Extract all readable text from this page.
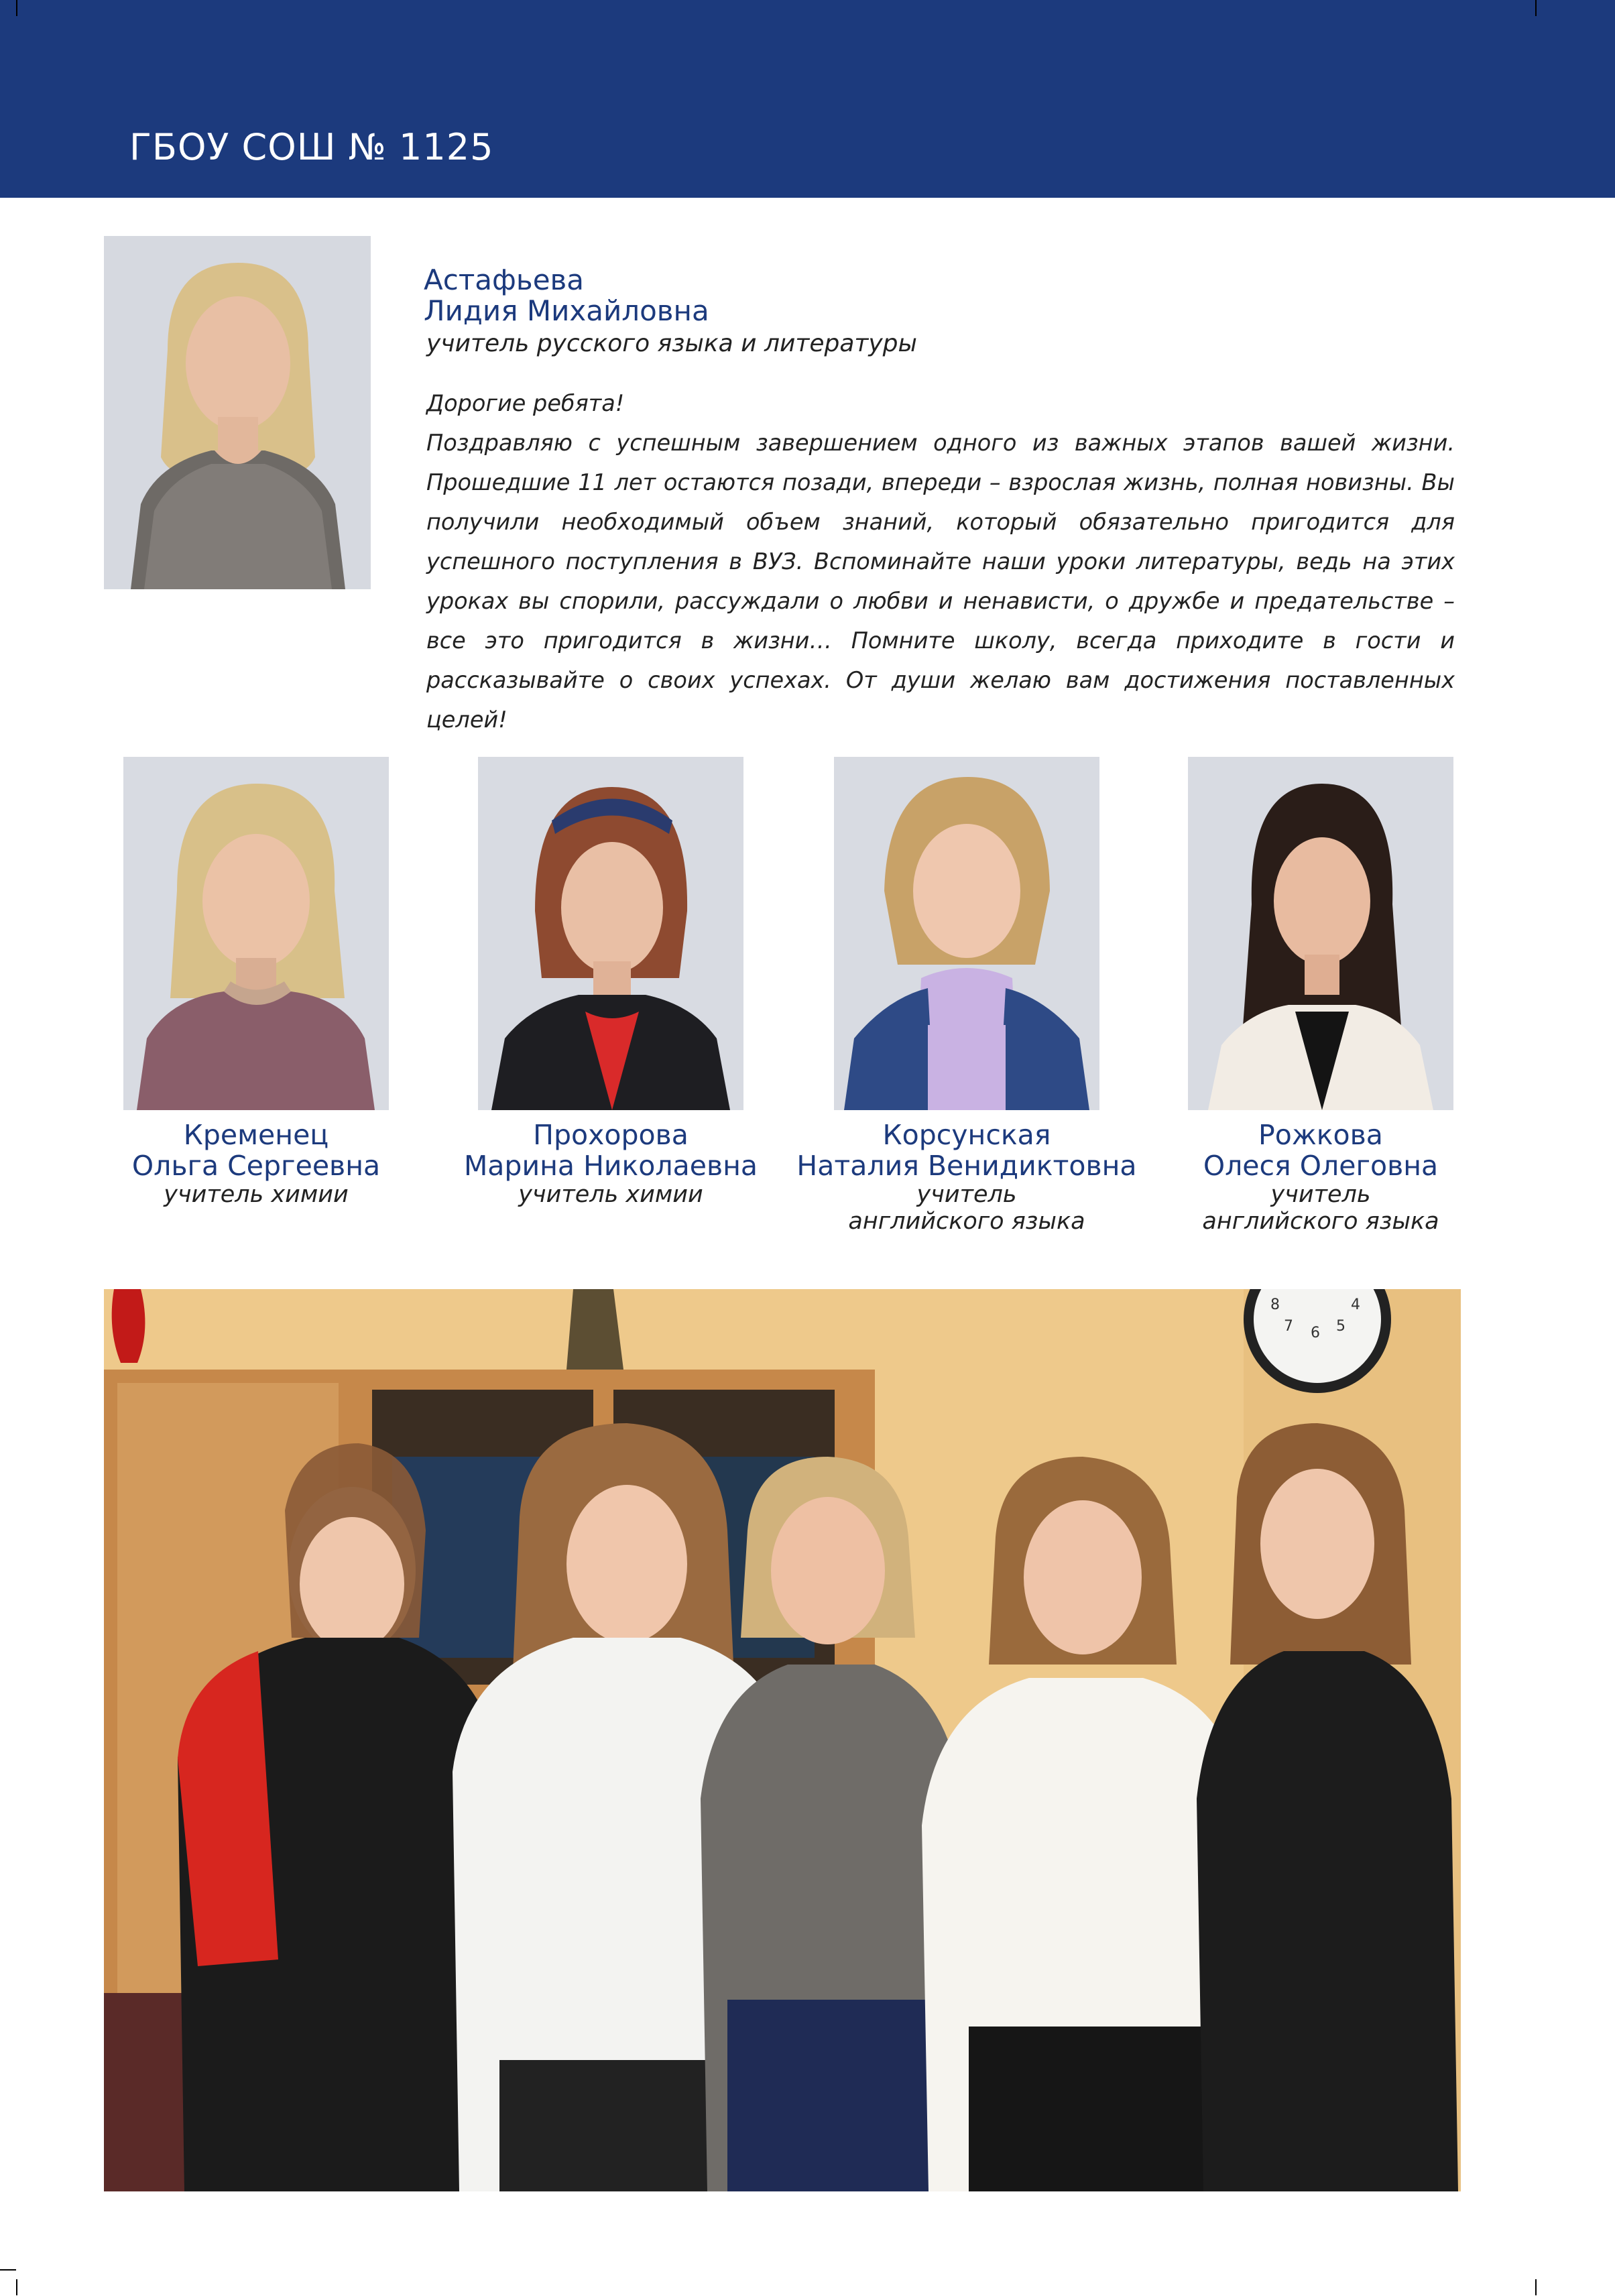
ГБОУ СОШ № 1125
Астафьева
Лидия Михайловна
учитель русского языка и литературы

Дорогие ребята!

Поздравляю с успешным завершением одного из важных этапов вашей жизни. Прошедшие 11 лет остаются позади, впереди – взрослая жизнь, полная новизны. Вы получили необходимый объем знаний, который обязательно пригодится для успешного поступления в ВУЗ. Вспоминайте наши уроки литературы, ведь на этих уроках вы спорили, рассуждали о любви и ненависти, о дружбе и предательстве – все это пригодится в жизни… Помните школу, всегда приходите в гости и рассказывайте о своих успехах. От души желаю вам достижения поставленных целей!

Кременец
Ольга Сергеевна
учитель химии
Прохорова
Марина Николаевна
учитель химии
Корсунская
Наталия Венидиктовна
учитель
английского языка
Рожкова
Олеся Олеговна
учитель
английского языка
8
7 6 5
4
